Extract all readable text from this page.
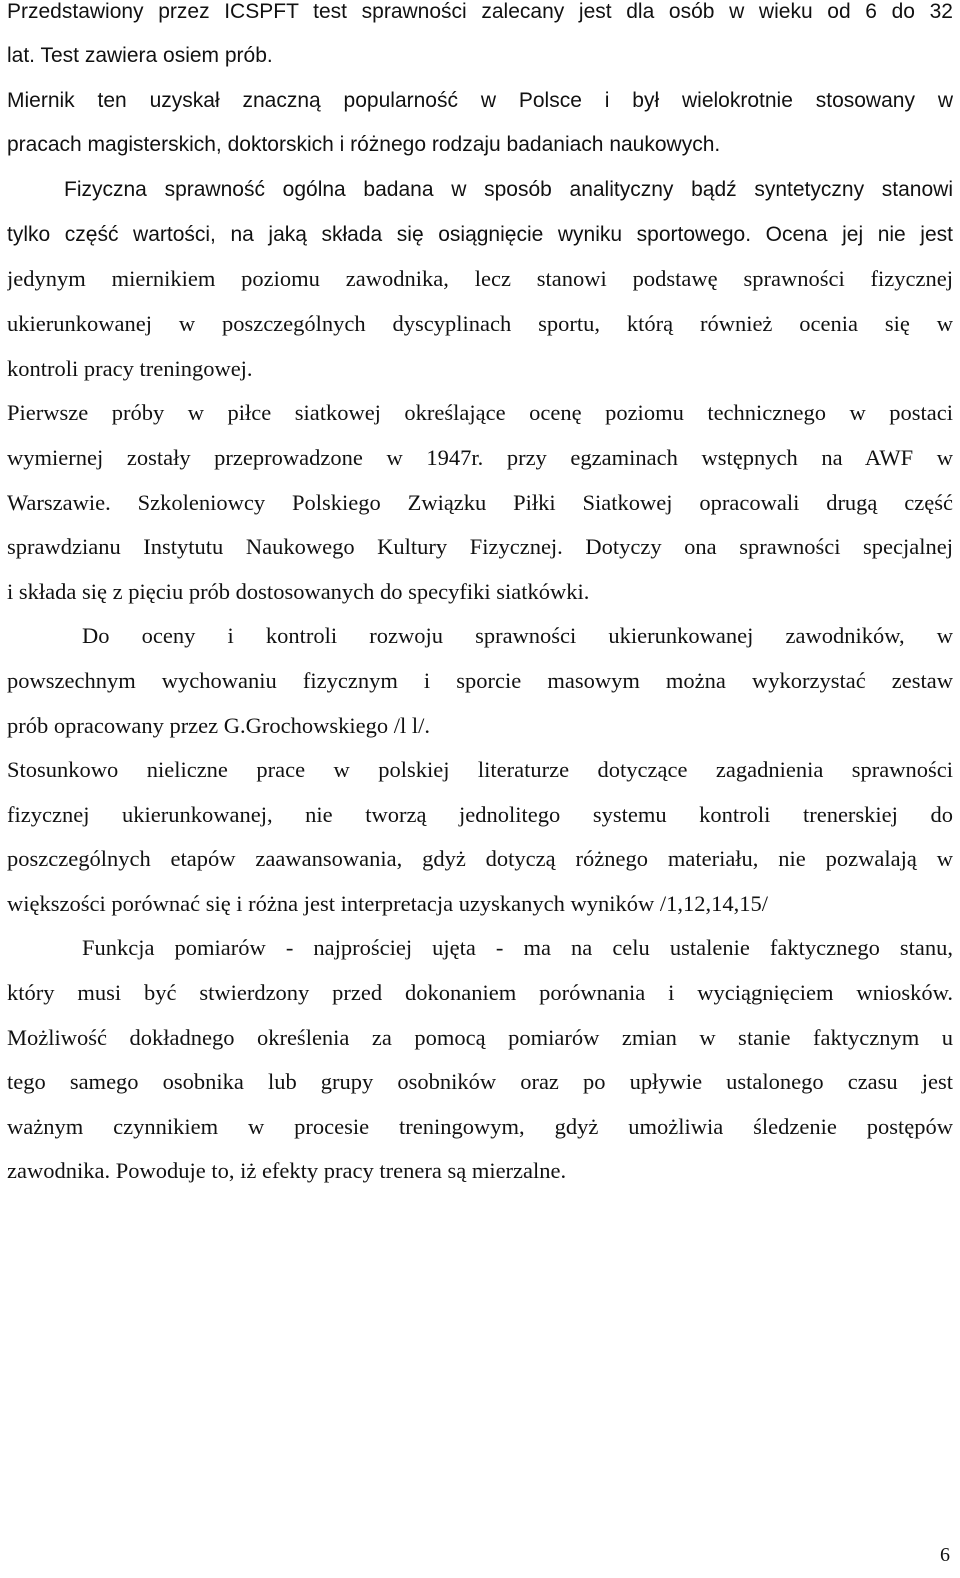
Przedstawiony przez ICSPFT test sprawności zalecany jest dla osób w wieku od 6 do 32

lat. Test zawiera osiem prób.

Miernik ten uzyskał znaczną popularność w Polsce i był wielokrotnie stosowany w

pracach magisterskich, doktorskich i różnego rodzaju badaniach naukowych.

Fizyczna sprawność ogólna badana w sposób analityczny bądź syntetyczny stanowi

tylko część wartości, na jaką składa się osiągnięcie wyniku sportowego. Ocena jej nie jest

jedynym miernikiem poziomu zawodnika, lecz stanowi podstawę sprawności fizycznej

ukierunkowanej w poszczególnych dyscyplinach sportu, którą również ocenia się w

kontroli pracy treningowej.

Pierwsze próby w piłce siatkowej określające ocenę poziomu technicznego w postaci

wymiernej zostały przeprowadzone w 1947r. przy egzaminach wstępnych na AWF w

Warszawie. Szkoleniowcy Polskiego Związku Piłki Siatkowej opracowali drugą część

sprawdzianu Instytutu Naukowego Kultury Fizycznej. Dotyczy ona sprawności specjalnej

i składa się z pięciu prób dostosowanych do specyfiki siatkówki.

Do oceny i kontroli rozwoju sprawności ukierunkowanej zawodników, w

powszechnym wychowaniu fizycznym i sporcie masowym można wykorzystać zestaw

prób opracowany przez G.Grochowskiego /l l/.

Stosunkowo nieliczne prace w polskiej literaturze dotyczące zagadnienia sprawności

fizycznej ukierunkowanej, nie tworzą jednolitego systemu kontroli trenerskiej do

poszczególnych etapów zaawansowania, gdyż dotyczą różnego materiału, nie pozwalają w

większości porównać się i różna jest interpretacja uzyskanych wyników /1,12,14,15/

Funkcja pomiarów - najprościej ujęta - ma na celu ustalenie faktycznego stanu,

który musi być stwierdzony przed dokonaniem porównania i wyciągnięciem wniosków.

Możliwość dokładnego określenia za pomocą pomiarów zmian w stanie faktycznym u

tego samego osobnika lub grupy osobników oraz po upływie ustalonego czasu jest

ważnym czynnikiem w procesie treningowym, gdyż umożliwia śledzenie postępów

zawodnika. Powoduje to, iż efekty pracy trenera są mierzalne.

6
